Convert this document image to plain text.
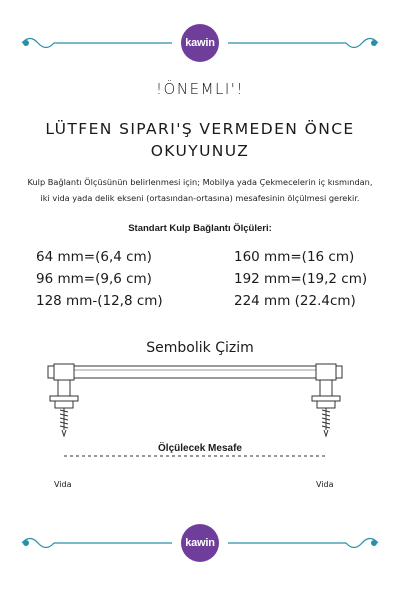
kawin
!ÖNEMLI'!
LÜTFEN SIPARI'Ş VERMEDEN ÖNCE OKUYUNUZ
Kulp Bağlantı Ölçüsünün belirlenmesi için; Mobilya yada Çekmecelerin iç kısmından,
iki vida yada delik ekseni (ortasından-ortasına) mesafesinin ölçülmesi gerekir.
Standart Kulp Bağlantı Ölçüleri:
64 mm=(6,4 cm)
96 mm=(9,6 cm)
128 mm-(12,8 cm)
160 mm=(16 cm)
192 mm=(19,2 cm)
224 mm (22.4cm)
Sembolik Çizim
Ölçülecek Mesafe
Vida	Vida
kawin
